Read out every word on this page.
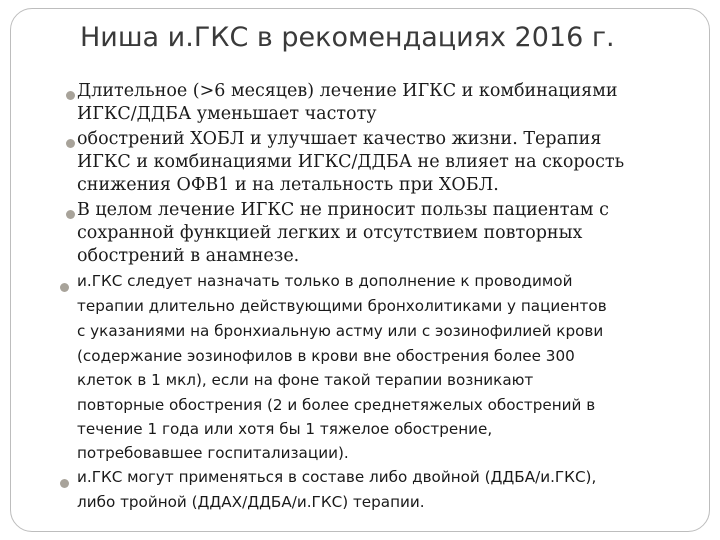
Ниша и.ГКС в рекомендациях 2016 г.
Длительное (>6 месяцев) лечение ИГКС и комбинациями
ИГКС/ДДБА уменьшает частоту
обострений ХОБЛ и улучшает качество жизни. Терапия
ИГКС и комбинациями ИГКС/ДДБА не влияет на скорость
снижения ОФВ1 и на летальность при ХОБЛ.
В целом лечение ИГКС не приносит пользы пациентам с
сохранной функцией легких и отсутствием повторных
обострений в анамнезе.
и.ГКС следует назначать только в дополнение к проводимой
терапии длительно действующими бронхолитиками у пациентов
с указаниями на бронхиальную астму или с эозинофилией крови
(содержание эозинофилов в крови вне обострения более 300
клеток в 1 мкл), если на фоне такой терапии возникают
повторные обострения (2 и более среднетяжелых обострений в
течение 1 года или хотя бы 1 тяжелое обострение,
потребовавшее госпитализации).
и.ГКС могут применяться в составе либо двойной (ДДБА/и.ГКС),
либо тройной (ДДАХ/ДДБА/и.ГКС) терапии.
